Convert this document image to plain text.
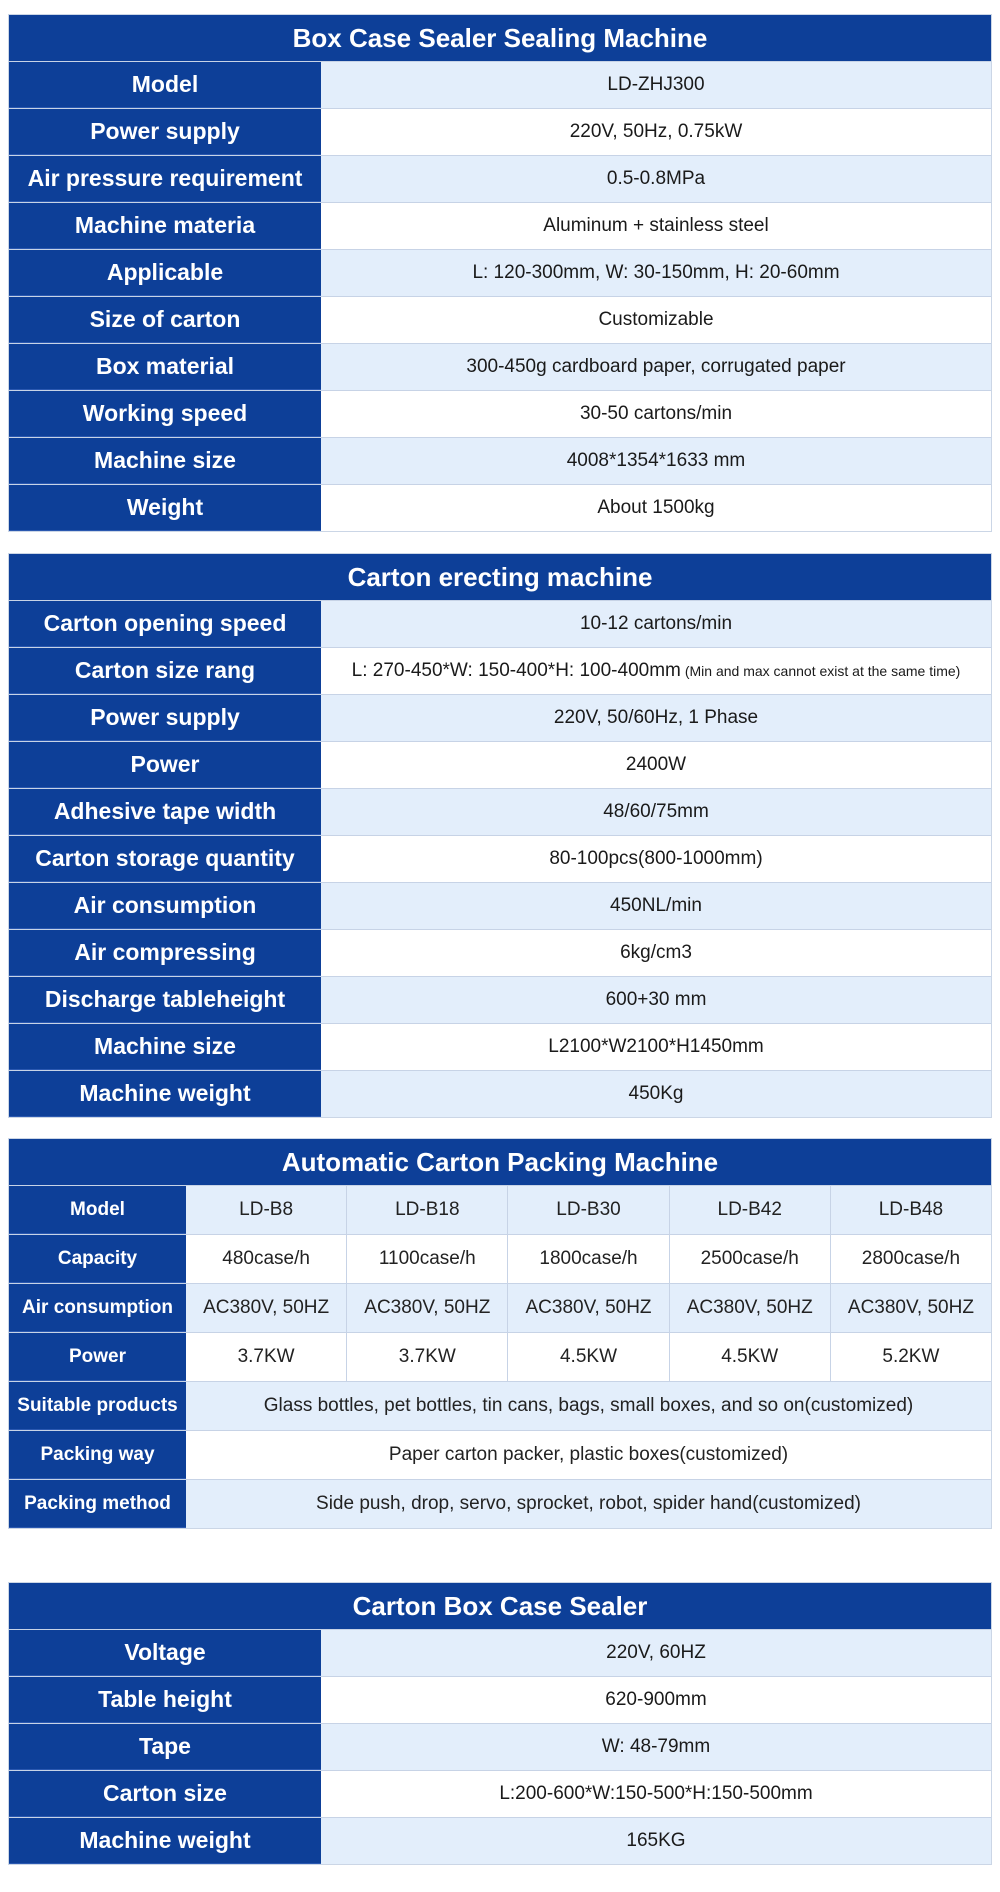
Box Case Sealer Sealing Machine
Model	LD-ZHJ300
Power supply	220V, 50Hz, 0.75kW
Air pressure requirement	0.5-0.8MPa
Machine materia	Aluminum + stainless steel
Applicable	L: 120-300mm, W: 30-150mm, H: 20-60mm
Size of carton	Customizable
Box material	300-450g cardboard paper, corrugated paper
Working speed	30-50 cartons/min
Machine size	4008*1354*1633 mm
Weight	About 1500kg
Carton erecting machine
Carton opening speed	10-12 cartons/min
Carton size rang	L: 270-450*W: 150-400*H: 100-400mm (Min and max cannot exist at the same time)
Power supply	220V, 50/60Hz, 1 Phase
Power	2400W
Adhesive tape width	48/60/75mm
Carton storage quantity	80-100pcs(800-1000mm)
Air consumption	450NL/min
Air compressing	6kg/cm3
Discharge tableheight	600+30 mm
Machine size	L2100*W2100*H1450mm
Machine weight	450Kg
Automatic Carton Packing Machine
Model	LD-B8	LD-B18	LD-B30	LD-B42	LD-B48
Capacity	480case/h	1100case/h	1800case/h	2500case/h	2800case/h
Air consumption	AC380V, 50HZ	AC380V, 50HZ	AC380V, 50HZ	AC380V, 50HZ	AC380V, 50HZ
Power	3.7KW	3.7KW	4.5KW	4.5KW	5.2KW
Suitable products	Glass bottles, pet bottles, tin cans, bags, small boxes, and so on(customized)
Packing way	Paper carton packer, plastic boxes(customized)
Packing method	Side push, drop, servo, sprocket, robot, spider hand(customized)
Carton Box Case Sealer
Voltage	220V, 60HZ
Table height	620-900mm
Tape	W: 48-79mm
Carton size	L:200-600*W:150-500*H:150-500mm
Machine weight	165KG
